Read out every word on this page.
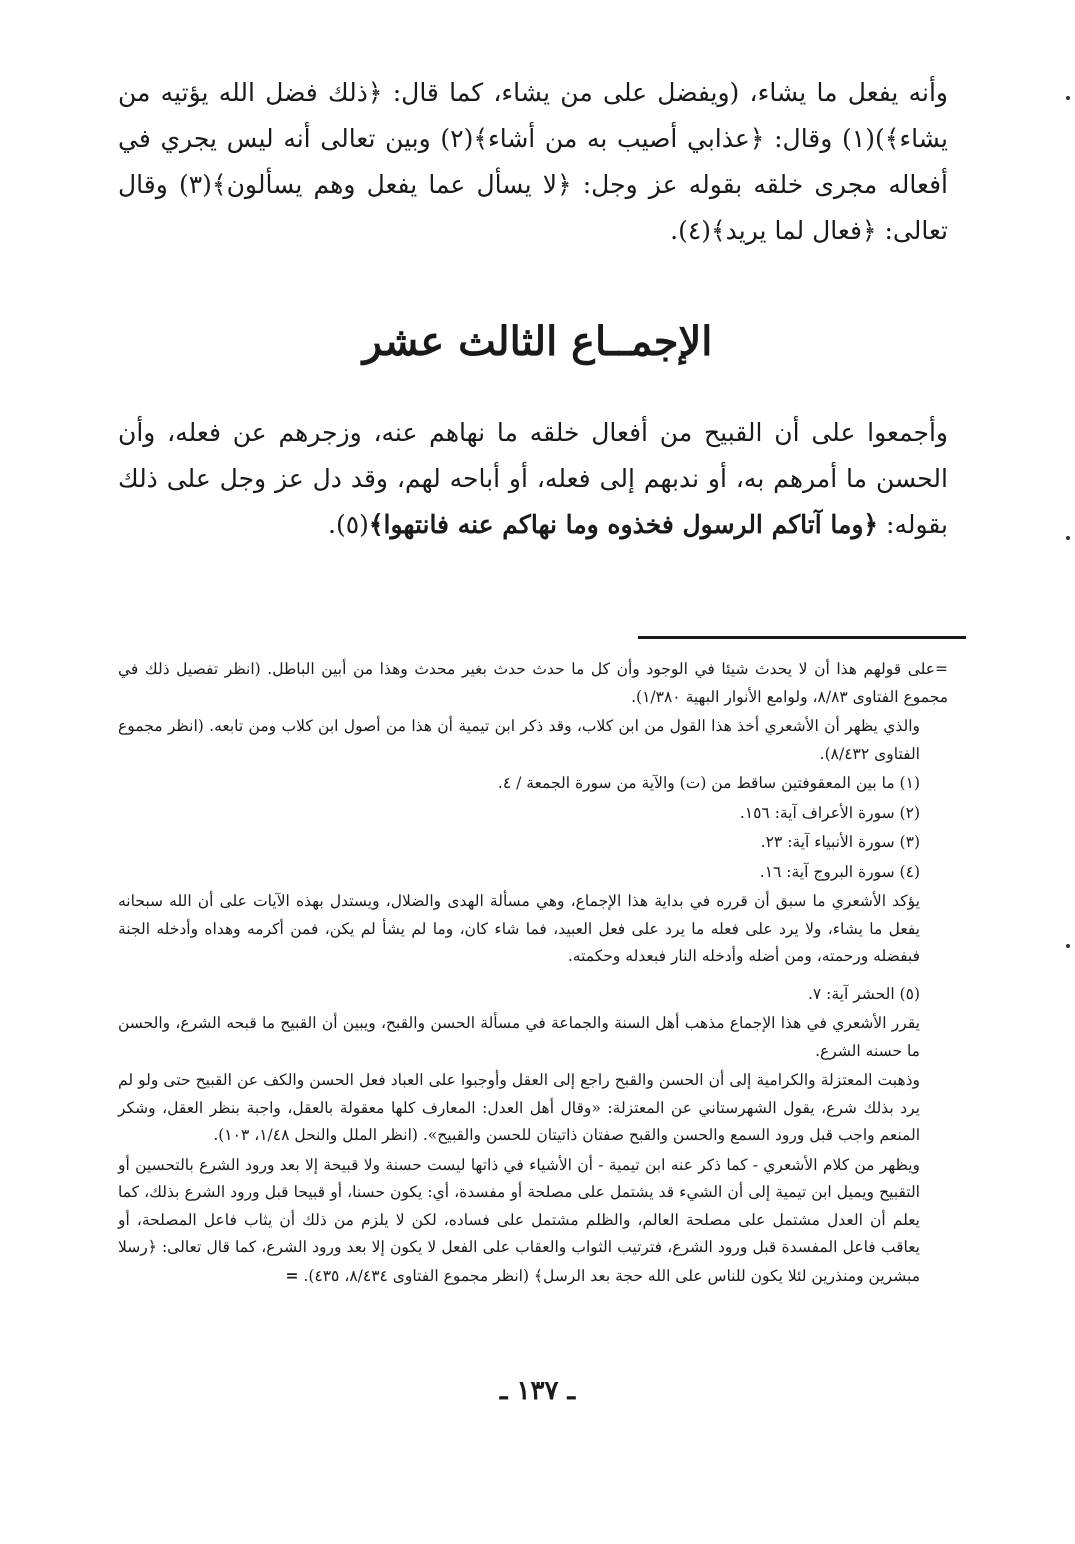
وأنه يفعل ما يشاء، (ويفضل على من يشاء، كما قال: ﴿ذلك فضل الله يؤتيه من يشاء﴾)(١) وقال: ﴿عذابي أصيب به من أشاء﴾(٢) وبين تعالى أنه ليس يجري في أفعاله مجرى خلقه بقوله عز وجل: ﴿لا يسأل عما يفعل وهم يسألون﴾(٣) وقال تعالى: ﴿فعال لما يريد﴾(٤).

الإجمــاع الثالث عشر

وأجمعوا على أن القبيح من أفعال خلقه ما نهاهم عنه، وزجرهم عن فعله، وأن الحسن ما أمرهم به، أو ندبهم إلى فعله، أو أباحه لهم، وقد دل عز وجل على ذلك بقوله: ﴿وما آتاكم الرسول فخذوه وما نهاكم عنه فانتهوا﴾(٥).

=على قولهم هذا أن لا يحدث شيئا في الوجود وأن كل ما حدث حدث بغير محدث وهذا من أبين الباطل. (انظر تفصيل ذلك في مجموع الفتاوى ٨/٨٣، ولوامع الأنوار البهية ١/٣٨٠).

والذي يظهر أن الأشعري أخذ هذا القول من ابن كلاب، وقد ذكر ابن تيمية أن هذا من أصول ابن كلاب ومن تابعه. (انظر مجموع الفتاوى ٨/٤٣٢).

(١) ما بين المعقوفتين ساقط من (ت) والآية من سورة الجمعة / ٤.

(٢) سورة الأعراف آية: ١٥٦.

(٣) سورة الأنبياء آية: ٢٣.

(٤) سورة البروج آية: ١٦.

يؤكد الأشعري ما سبق أن قرره في بداية هذا الإجماع، وهي مسألة الهدى والضلال، ويستدل بهذه الآيات على أن الله سبحانه يفعل ما يشاء، ولا يرد على فعله ما يرد على فعل العبيد، فما شاء كان، وما لم يشأ لم يكن، فمن أكرمه وهداه وأدخله الجنة فبفضله ورحمته، ومن أضله وأدخله النار فبعدله وحكمته.

(٥) الحشر آية: ٧.

يقرر الأشعري في هذا الإجماع مذهب أهل السنة والجماعة في مسألة الحسن والقبح، ويبين أن القبيح ما قبحه الشرع، والحسن ما حسنه الشرع.

وذهبت المعتزلة والكرامية إلى أن الحسن والقبح راجع إلى العقل وأوجبوا على العباد فعل الحسن والكف عن القبيح حتى ولو لم يرد بذلك شرع، يقول الشهرستاني عن المعتزلة: «وقال أهل العدل: المعارف كلها معقولة بالعقل، واجبة بنظر العقل، وشكر المنعم واجب قبل ورود السمع والحسن والقبح صفتان ذاتيتان للحسن والقبيح». (انظر الملل والنحل ١/٤٨، ١٠٣).

ويظهر من كلام الأشعري - كما ذكر عنه ابن تيمية - أن الأشياء في ذاتها ليست حسنة ولا قبيحة إلا بعد ورود الشرع بالتحسين أو التقبيح ويميل ابن تيمية إلى أن الشيء قد يشتمل على مصلحة أو مفسدة، أي: يكون حسنا، أو قبيحا قبل ورود الشرع بذلك، كما يعلم أن العدل مشتمل على مصلحة العالم، والظلم مشتمل على فساده، لكن لا يلزم من ذلك أن يثاب فاعل المصلحة، أو يعاقب فاعل المفسدة قبل ورود الشرع، فترتيب الثواب والعقاب على الفعل لا يكون إلا بعد ورود الشرع، كما قال تعالى: ﴿رسلا مبشرين ومنذرين لئلا يكون للناس على الله حجة بعد الرسل﴾ (انظر مجموع الفتاوى ٨/٤٣٤، ٤٣٥). =

ـ ١٣٧ ـ
